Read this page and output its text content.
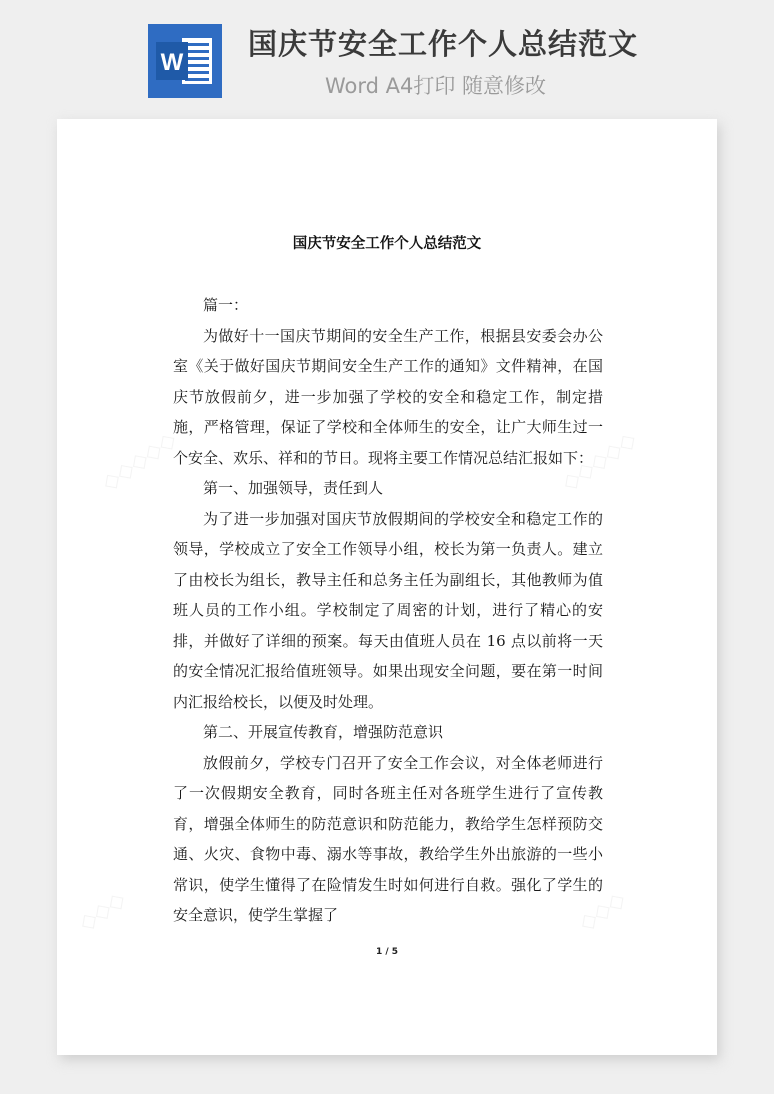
W
国庆节安全工作个人总结范文
Word A4打印 随意修改
国庆节安全工作个人总结范文

篇一：

为做好十一国庆节期间的安全生产工作，根据县安委会办公室《关于做好国庆节期间安全生产工作的通知》文件精神，在国庆节放假前夕，进一步加强了学校的安全和稳定工作，制定措施，严格管理，保证了学校和全体师生的安全，让广大师生过一个安全、欢乐、祥和的节日。现将主要工作情况总结汇报如下：

第一、加强领导，责任到人

为了进一步加强对国庆节放假期间的学校安全和稳定工作的领导，学校成立了安全工作领导小组，校长为第一负责人。建立了由校长为组长，教导主任和总务主任为副组长，其他教师为值班人员的工作小组。学校制定了周密的计划，进行了精心的安排，并做好了详细的预案。每天由值班人员在 16 点以前将一天的安全情况汇报给值班领导。如果出现安全问题，要在第一时间内汇报给校长，以便及时处理。

第二、开展宣传教育，增强防范意识

放假前夕，学校专门召开了安全工作会议，对全体老师进行了一次假期安全教育，同时各班主任对各班学生进行了宣传教育，增强全体师生的防范意识和防范能力，教给学生怎样预防交通、火灾、食物中毒、溺水等事故，教给学生外出旅游的一些小常识，使学生懂得了在险情发生时如何进行自救。强化了学生的安全意识，使学生掌握了

1 / 5
